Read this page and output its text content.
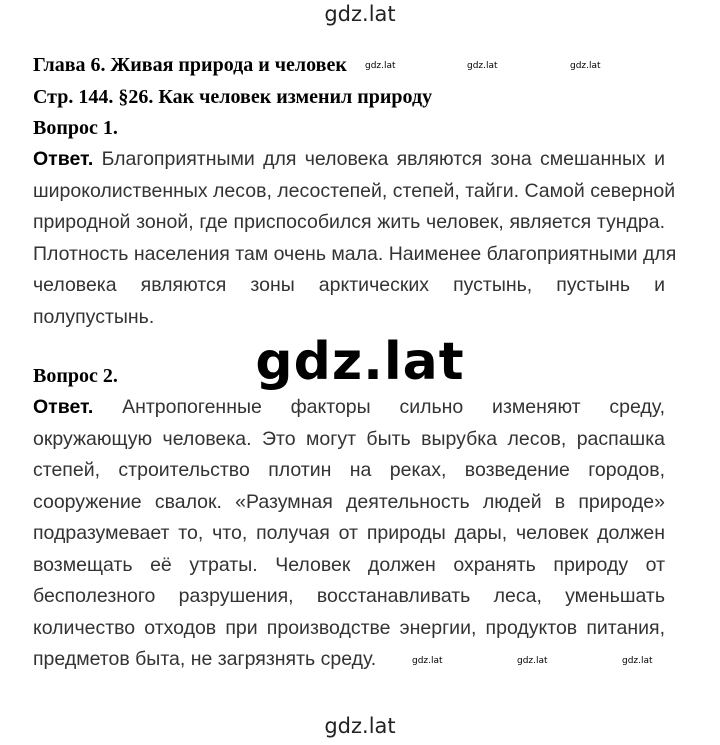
gdz.lat
Глава 6. Живая природа и человек gdz.lat	gdz.lat	gdz.lat
Стр. 144. §26. Как человек изменил природу
Вопрос 1.
Ответ. Благоприятными для человека являются зона смешанных и
широколиственных лесов, лесостепей, степей, тайги. Самой северной
природной зоной, где приспособился жить человек, является тундра.
Плотность населения там очень мала. Наименее благоприятными для
человека являются зоны арктических пустынь, пустынь и
полупустынь.
gdz.lat
Вопрос 2.
Ответ. Антропогенные факторы сильно изменяют среду,
окружающую человека. Это могут быть вырубка лесов, распашка
степей, строительство плотин на реках, возведение городов,
сооружение свалок. «Разумная деятельность людей в природе»
подразумевает то, что, получая от природы дары, человек должен
возмещать её утраты. Человек должен охранять природу от
бесполезного разрушения, восстанавливать леса, уменьшать
количество отходов при производстве энергии, продуктов питания,
предметов быта, не загрязнять среду.	gdz.lat	gdz.lat	gdz.lat
gdz.lat
